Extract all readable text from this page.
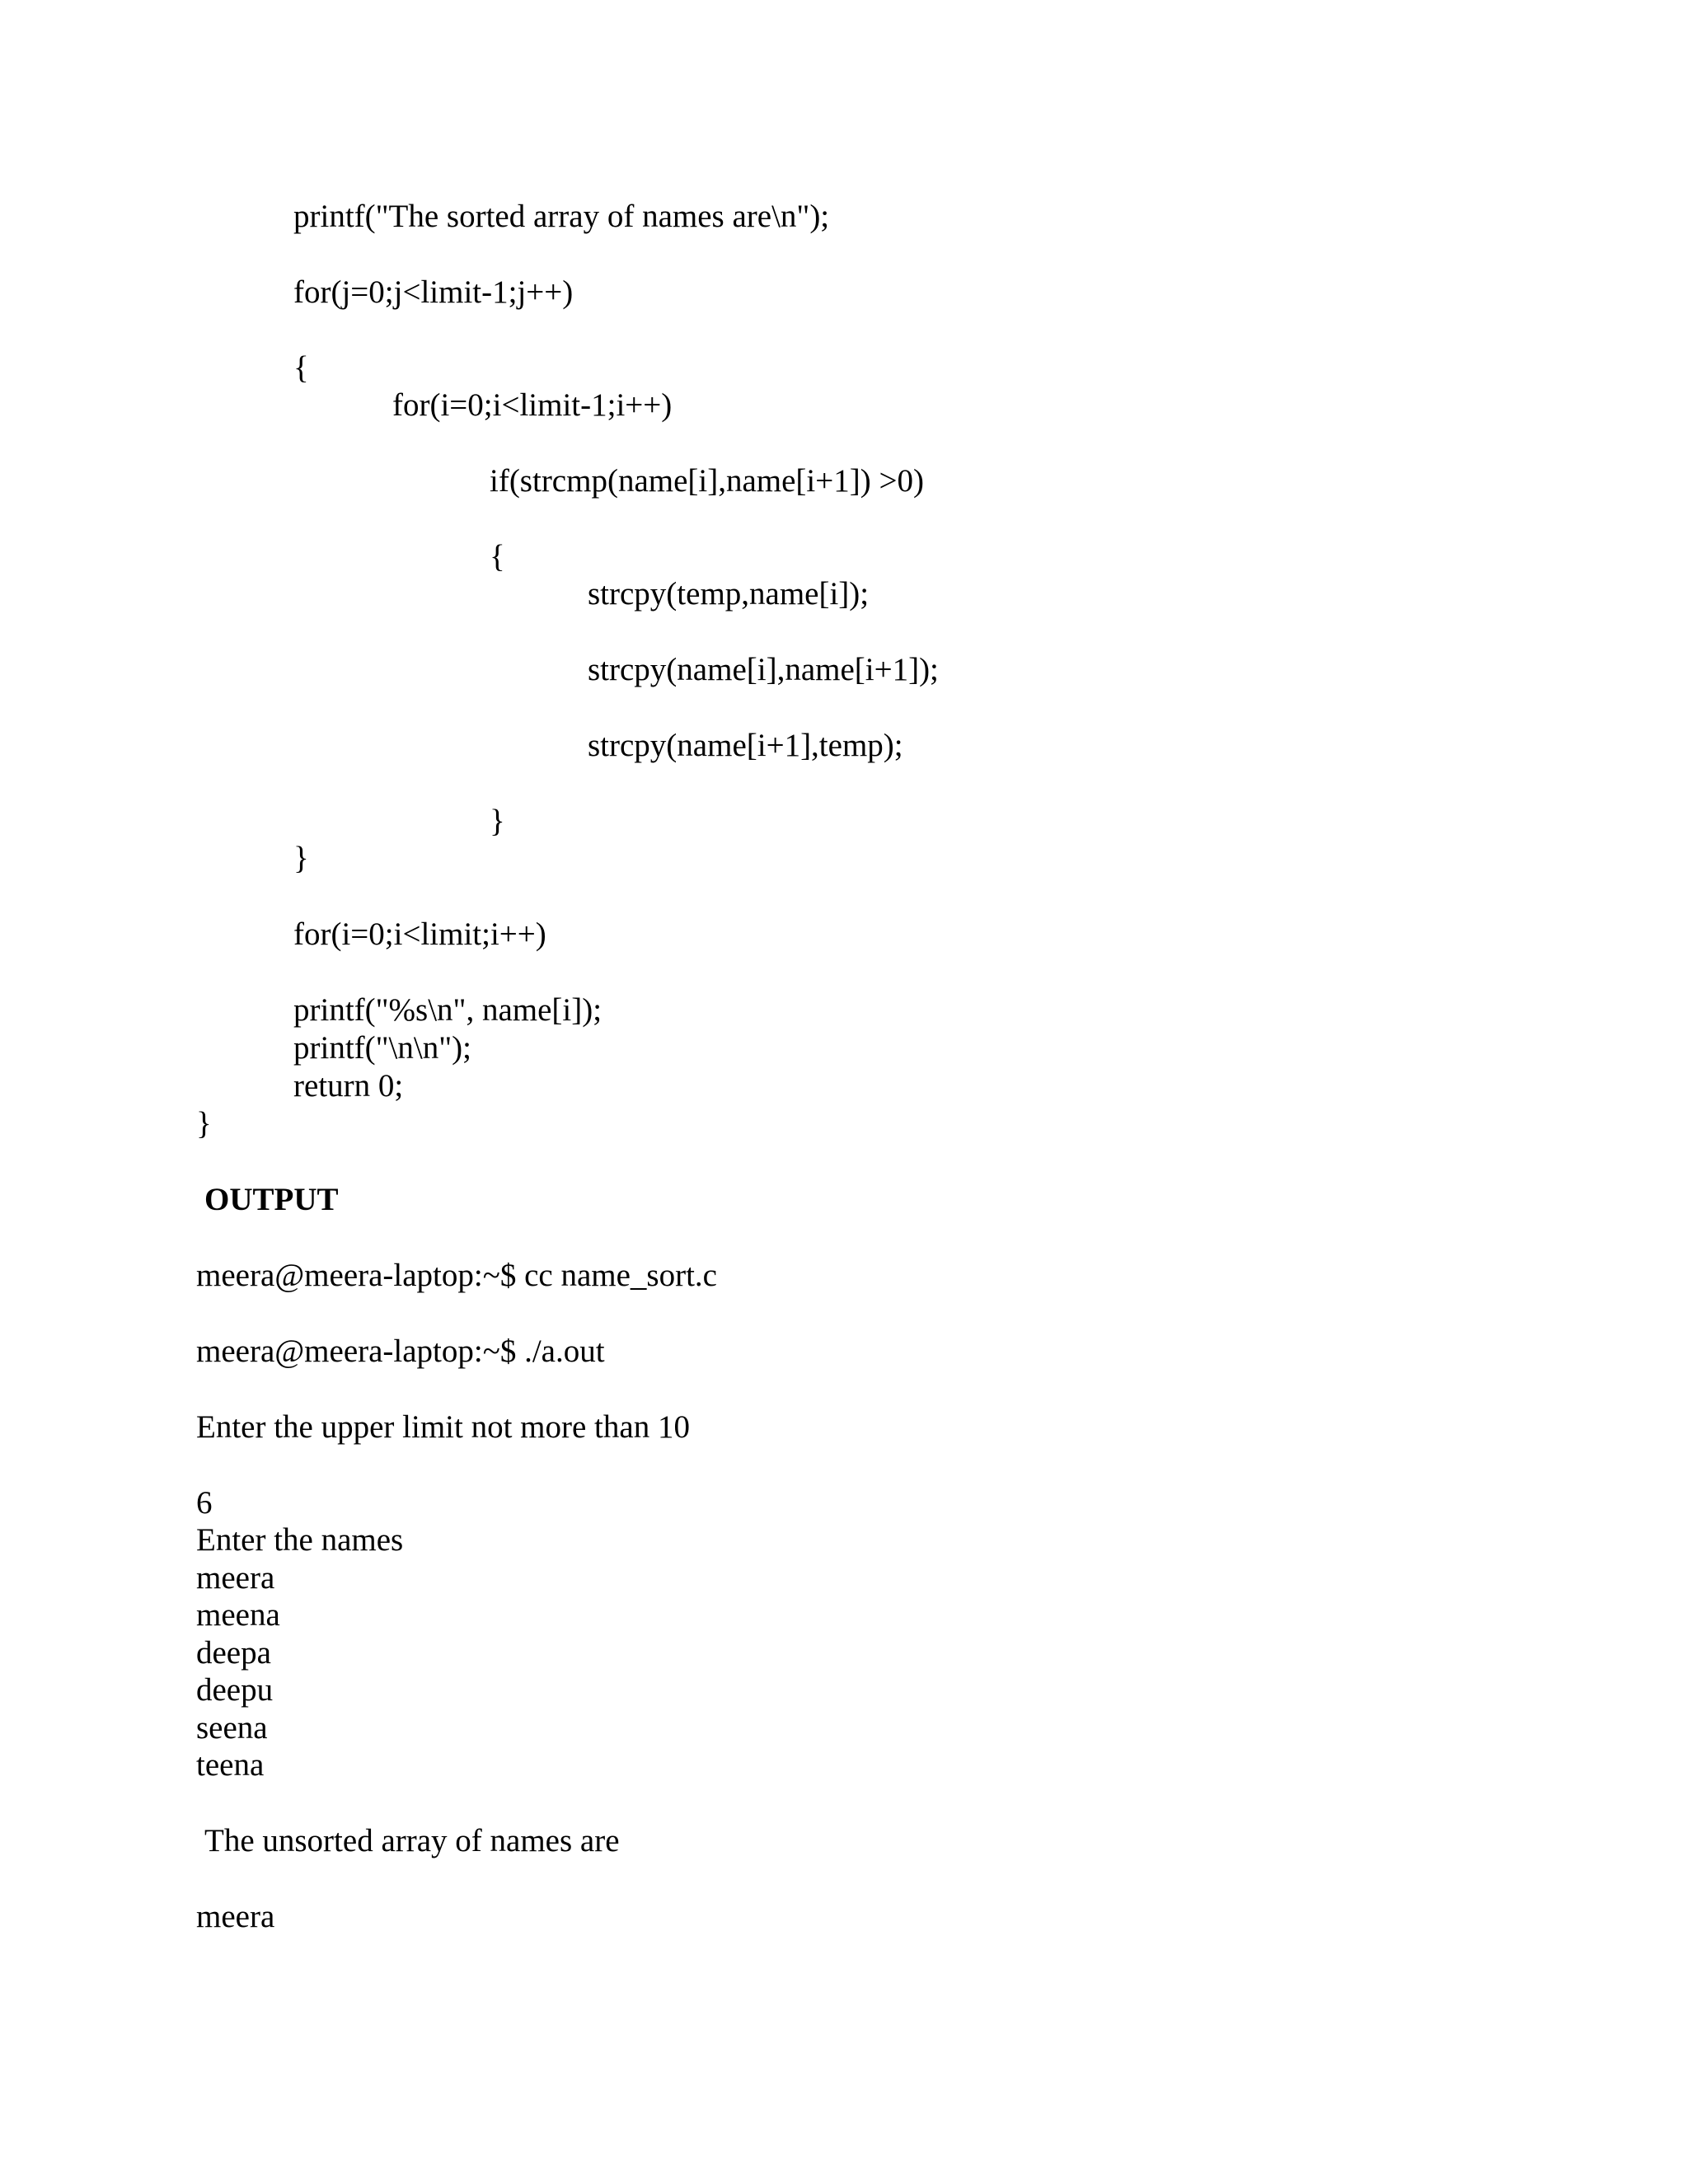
printf("The sorted array of names are\n");

for(j=0;j<limit-1;j++)

{

for(i=0;i<limit-1;i++)

if(strcmp(name[i],name[i+1]) >0)

{

strcpy(temp,name[i]);

strcpy(name[i],name[i+1]);

strcpy(name[i+1],temp);

}

}

for(i=0;i<limit;i++)

printf("%s\n", name[i]);

printf("\n\n");

return 0;

}

OUTPUT

meera@meera-laptop:~$ cc name_sort.c

meera@meera-laptop:~$ ./a.out

Enter the upper limit not more than 10

6

Enter the names

meera

meena

deepa

deepu

seena

teena

The unsorted array of names are

meera
